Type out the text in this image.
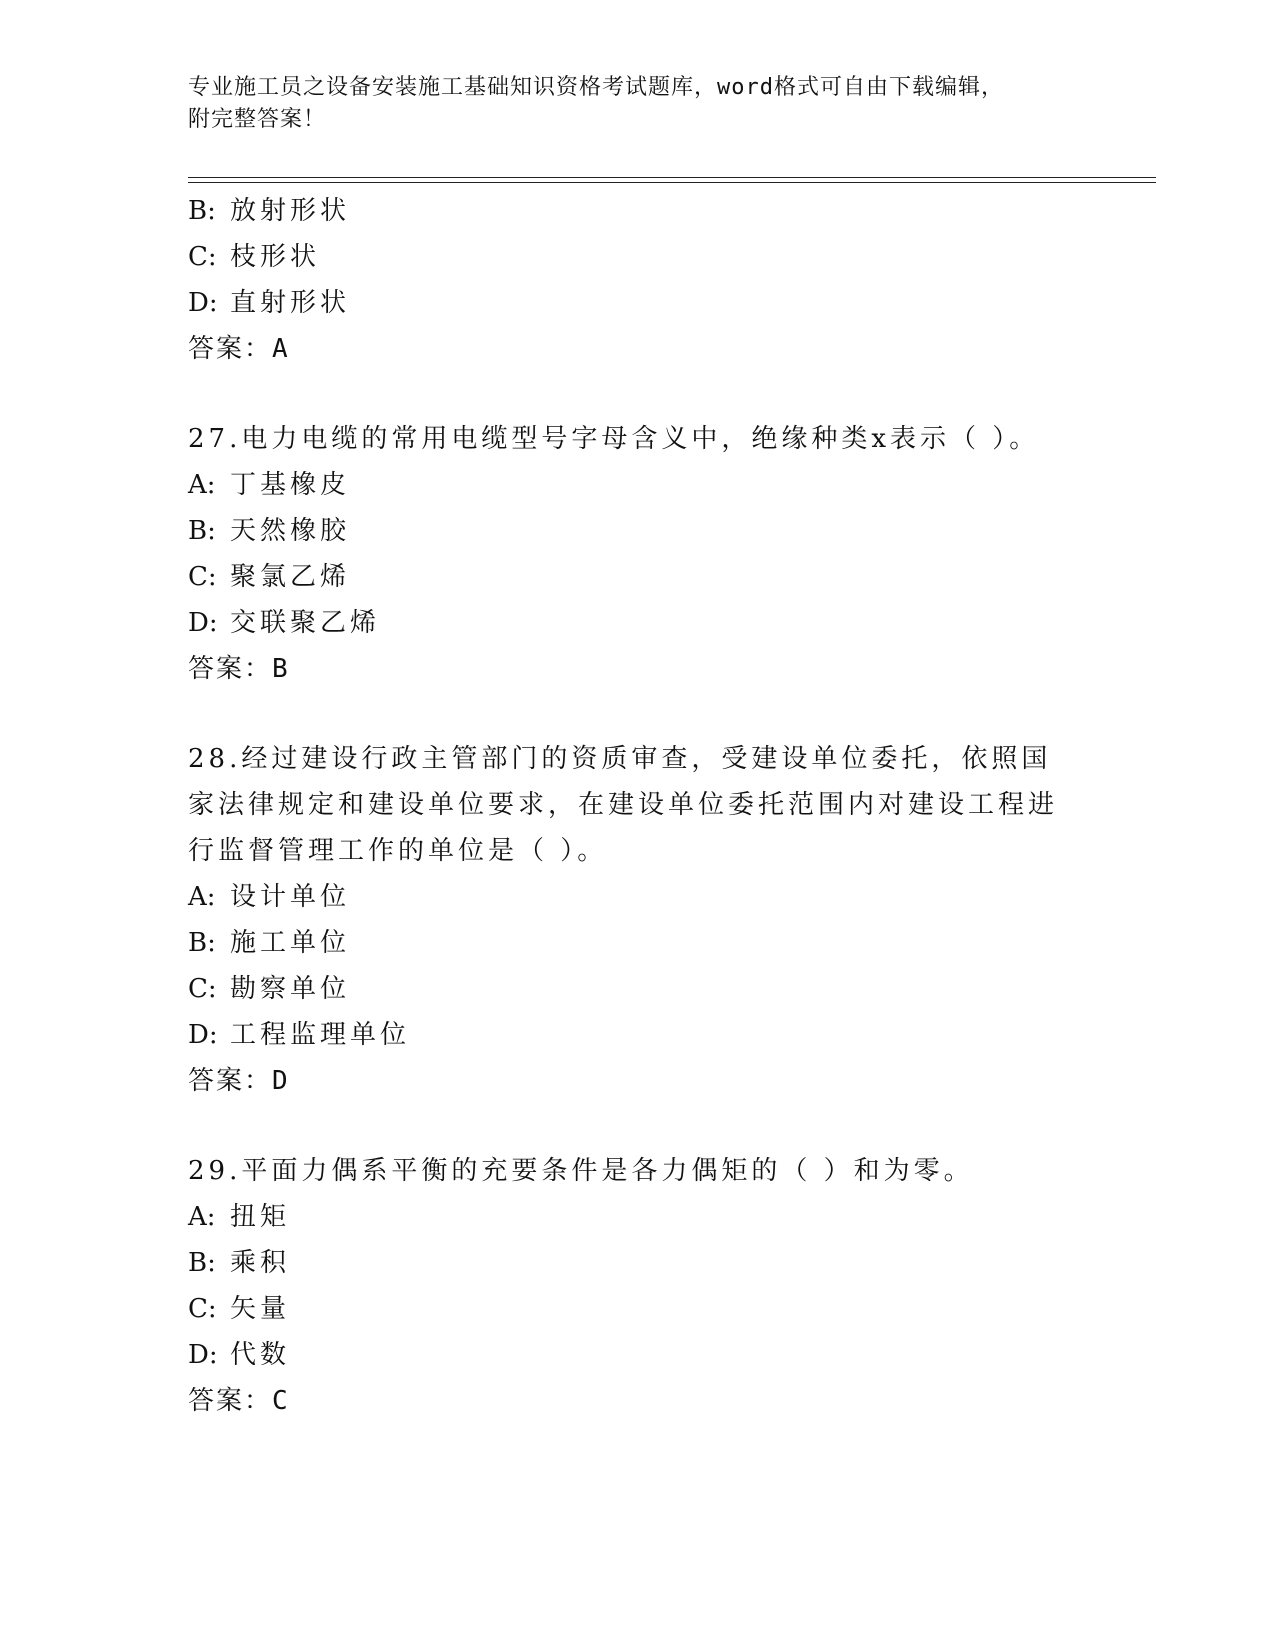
专业施工员之设备安装施工基础知识资格考试题库，word格式可自由下载编辑，
附完整答案！
B: 放射形状
C: 枝形状
D: 直射形状
答案：A
27.电力电缆的常用电缆型号字母含义中，绝缘种类x表示（ ）。
A: 丁基橡皮
B: 天然橡胶
C: 聚氯乙烯
D: 交联聚乙烯
答案：B
28.经过建设行政主管部门的资质审查，受建设单位委托，依照国家法律规定和建设单位要求，在建设单位委托范围内对建设工程进行监督管理工作的单位是（ ）。
A: 设计单位
B: 施工单位
C: 勘察单位
D: 工程监理单位
答案：D
29.平面力偶系平衡的充要条件是各力偶矩的（ ）和为零。
A: 扭矩
B: 乘积
C: 矢量
D: 代数
答案：C
